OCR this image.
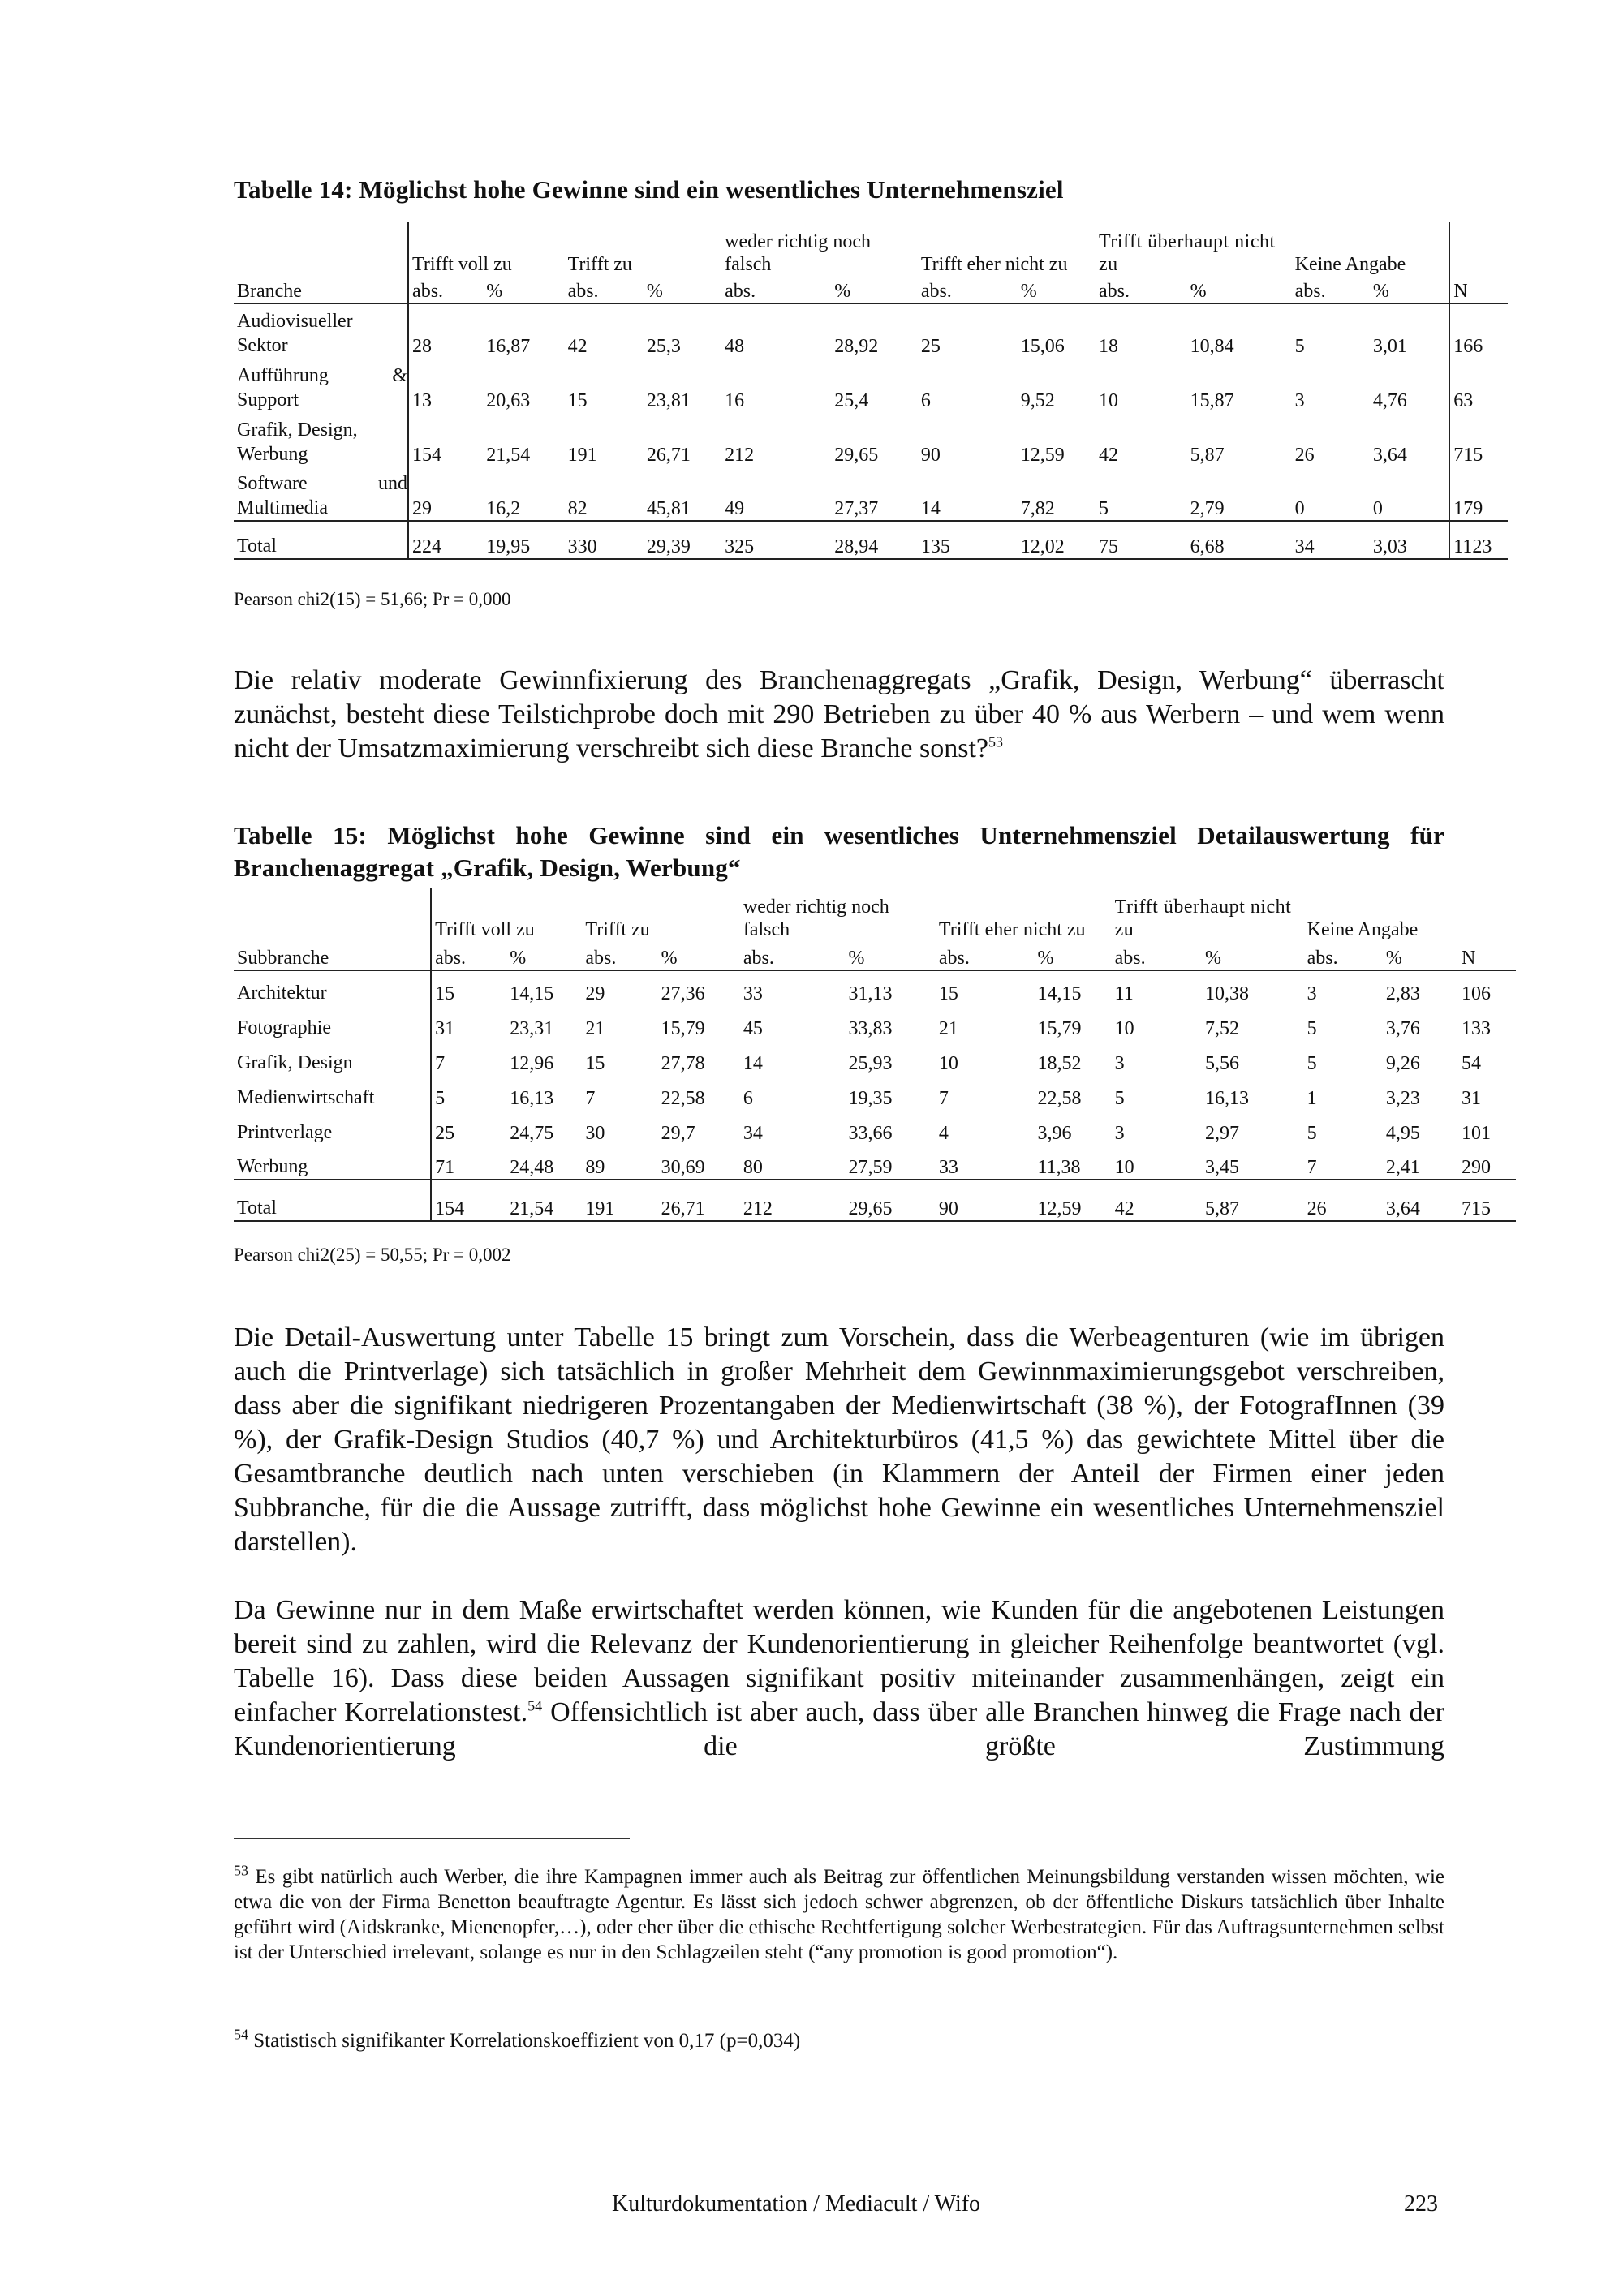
Tabelle 14: Möglichst hohe Gewinne sind ein wesentliches Unternehmensziel
	Trifft voll zu		Trifft zu		weder richtig noch falsch		Trifft eher nicht zu		Trifft überhaupt nicht zu		Keine Angabe		
Branche	abs.	%	abs.	%	abs.	%	abs.	%	abs.	%	abs.	%	N
Audiovisueller Sektor	28	16,87	42	25,3	48	28,92	25	15,06	18	10,84	5	3,01	166
Aufführung & Support	13	20,63	15	23,81	16	25,4	6	9,52	10	15,87	3	4,76	63
Grafik, Design, Werbung	154	21,54	191	26,71	212	29,65	90	12,59	42	5,87	26	3,64	715
Software und Multimedia	29	16,2	82	45,81	49	27,37	14	7,82	5	2,79	0	0	179

Total	224	19,95	330	29,39	325	28,94	135	12,02	75	6,68	34	3,03	1123
Pearson chi2(15) = 51,66; Pr = 0,000
Die relativ moderate Gewinnfixierung des Branchenaggregats „Grafik, Design, Werbung“ überrascht zunächst, besteht diese Teilstichprobe doch mit 290 Betrieben zu über 40 % aus Werbern – und wem wenn nicht der Umsatzmaximierung verschreibt sich diese Branche sonst?$^{53}$
Tabelle 15: Möglichst hohe Gewinne sind ein wesentliches Unternehmensziel Detailauswertung für Branchenaggregat „Grafik, Design, Werbung“
	Trifft voll zu		Trifft zu		weder richtig noch falsch		Trifft eher nicht zu		Trifft überhaupt nicht zu		Keine Angabe		
Subbranche	abs.	%	abs.	%	abs.	%	abs.	%	abs.	%	abs.	%	N
Architektur	15	14,15	29	27,36	33	31,13	15	14,15	11	10,38	3	2,83	106
Fotographie	31	23,31	21	15,79	45	33,83	21	15,79	10	7,52	5	3,76	133
Grafik, Design	7	12,96	15	27,78	14	25,93	10	18,52	3	5,56	5	9,26	54
Medienwirtschaft	5	16,13	7	22,58	6	19,35	7	22,58	5	16,13	1	3,23	31
Printverlage	25	24,75	30	29,7	34	33,66	4	3,96	3	2,97	5	4,95	101
Werbung	71	24,48	89	30,69	80	27,59	33	11,38	10	3,45	7	2,41	290

Total	154	21,54	191	26,71	212	29,65	90	12,59	42	5,87	26	3,64	715
Pearson chi2(25) = 50,55; Pr = 0,002
Die Detail-Auswertung unter Tabelle 15 bringt zum Vorschein, dass die Werbeagenturen (wie im übrigen auch die Printverlage) sich tatsächlich in großer Mehrheit dem Gewinnmaximierungsgebot verschreiben, dass aber die signifikant niedrigeren Prozentangaben der Medienwirtschaft (38 %), der FotografInnen (39 %), der Grafik-Design Studios (40,7 %) und Architekturbüros (41,5 %) das gewichtete Mittel über die Gesamtbranche deutlich nach unten verschieben (in Klammern der Anteil der Firmen einer jeden Subbranche, für die die Aussage zutrifft, dass möglichst hohe Gewinne ein wesentliches Unternehmensziel darstellen).
Da Gewinne nur in dem Maße erwirtschaftet werden können, wie Kunden für die angebotenen Leistungen bereit sind zu zahlen, wird die Relevanz der Kundenorientierung in gleicher Reihenfolge beantwortet (vgl. Tabelle 16). Dass diese beiden Aussagen signifikant positiv miteinander zusammenhängen, zeigt ein einfacher Korrelationstest.$^{54}$ Offensichtlich ist aber auch, dass über alle Branchen hinweg die Frage nach der Kundenorientierung die größte Zustimmung
$^{53}$ Es gibt natürlich auch Werber, die ihre Kampagnen immer auch als Beitrag zur öffentlichen Meinungsbildung verstanden wissen möchten, wie etwa die von der Firma Benetton beauftragte Agentur. Es lässt sich jedoch schwer abgrenzen, ob der öffentliche Diskurs tatsächlich über Inhalte geführt wird (Aidskranke, Mienenopfer,…), oder eher über die ethische Rechtfertigung solcher Werbestrategien. Für das Auftragsunternehmen selbst ist der Unterschied irrelevant, solange es nur in den Schlagzeilen steht (“any promotion is good promotion“).
$^{54}$ Statistisch signifikanter Korrelationskoeffizient von 0,17 (p=0,034)
Kulturdokumentation / Mediacult / Wifo	223
